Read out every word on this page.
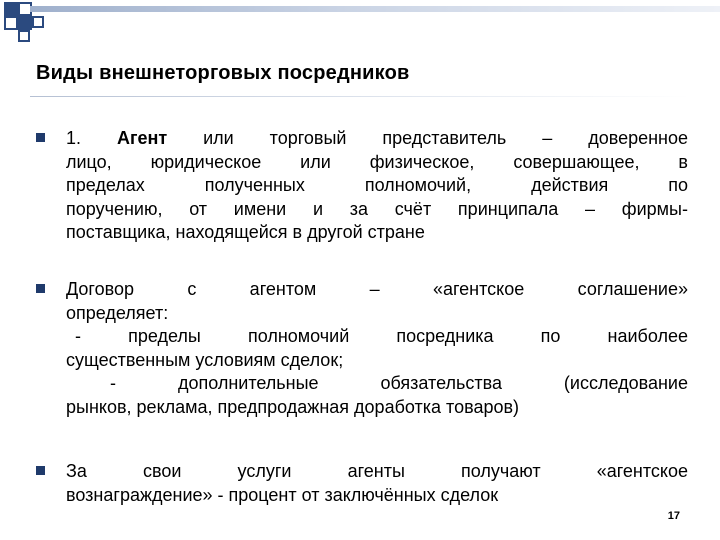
Виды внешнеторговых посредников
1. Агент или торговый представитель – доверенное
лицо, юридическое или физическое, совершающее, в
пределах полученных полномочий, действия по
поручению, от имени и за счёт принципала – фирмы-
поставщика, находящейся в другой стране
Договор с агентом – «агентское соглашение»
определяет:
- пределы полномочий посредника по наиболее
существенным условиям сделок;
- дополнительные обязательства (исследование
рынков, реклама, предпродажная доработка товаров)
За свои услуги агенты получают «агентское
вознаграждение» - процент от заключённых сделок
17
